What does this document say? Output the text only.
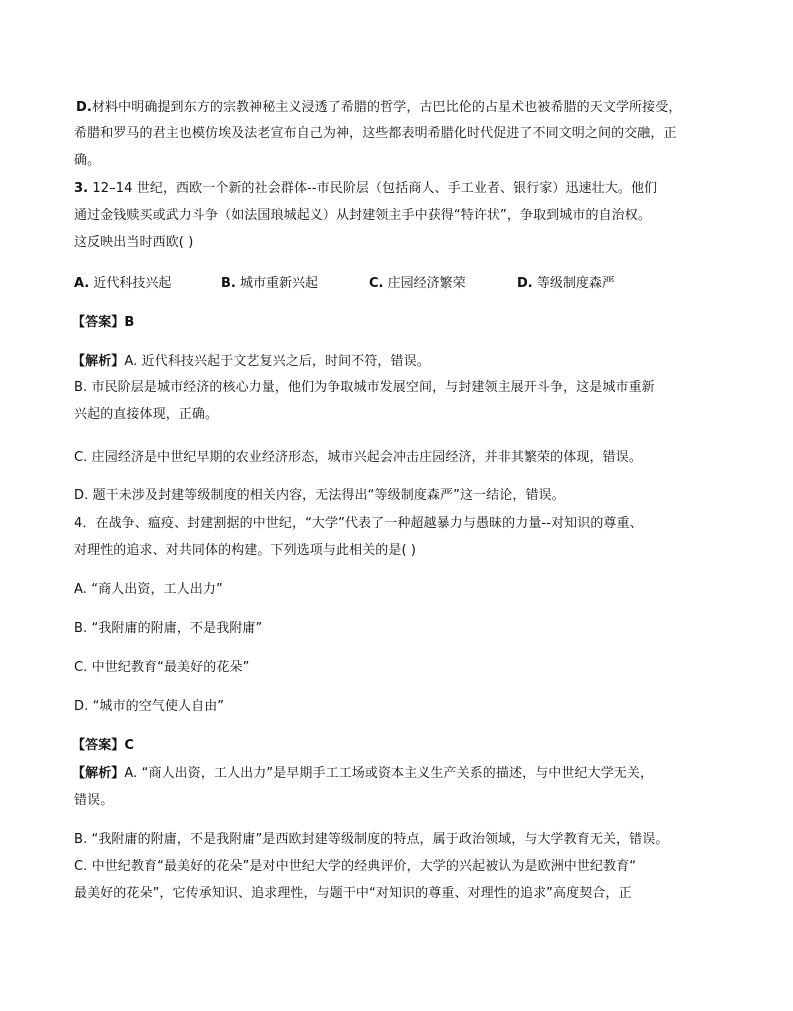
D.材料中明确提到东方的宗教神秘主义浸透了希腊的哲学，古巴比伦的占星术也被希腊的天文学所接受，
希腊和罗马的君主也模仿埃及法老宣布自己为神，这些都表明希腊化时代促进了不同文明之间的交融，正
确。
3. 12–14 世纪，西欧一个新的社会群体--市民阶层（包括商人、手工业者、银行家）迅速壮大。他们
通过金钱赎买或武力斗争（如法国琅城起义）从封建领主手中获得“特许状”，争取到城市的自治权。
这反映出当时西欧( )
A. 近代科技兴起	B. 城市重新兴起	C. 庄园经济繁荣	D. 等级制度森严
【答案】B
【解析】A. 近代科技兴起于文艺复兴之后，时间不符，错误。
B. 市民阶层是城市经济的核心力量，他们为争取城市发展空间，与封建领主展开斗争，这是城市重新
兴起的直接体现，正确。
C. 庄园经济是中世纪早期的农业经济形态，城市兴起会冲击庄园经济，并非其繁荣的体现，错误。
D. 题干未涉及封建等级制度的相关内容，无法得出“等级制度森严”这一结论，错误。
4．在战争、瘟疫、封建割据的中世纪，“大学”代表了一种超越暴力与愚昧的力量--对知识的尊重、
对理性的追求、对共同体的构建。下列选项与此相关的是( )
A. “商人出资，工人出力”
B. “我附庸的附庸，不是我附庸”
C. 中世纪教育“最美好的花朵”
D. “城市的空气使人自由”
【答案】C
【解析】A. “商人出资，工人出力”是早期手工工场或资本主义生产关系的描述，与中世纪大学无关，
错误。
B. “我附庸的附庸，不是我附庸”是西欧封建等级制度的特点，属于政治领域，与大学教育无关，错误。
C. 中世纪教育“最美好的花朵”是对中世纪大学的经典评价，大学的兴起被认为是欧洲中世纪教育“
最美好的花朵”，它传承知识、追求理性，与题干中“对知识的尊重、对理性的追求”高度契合，正
